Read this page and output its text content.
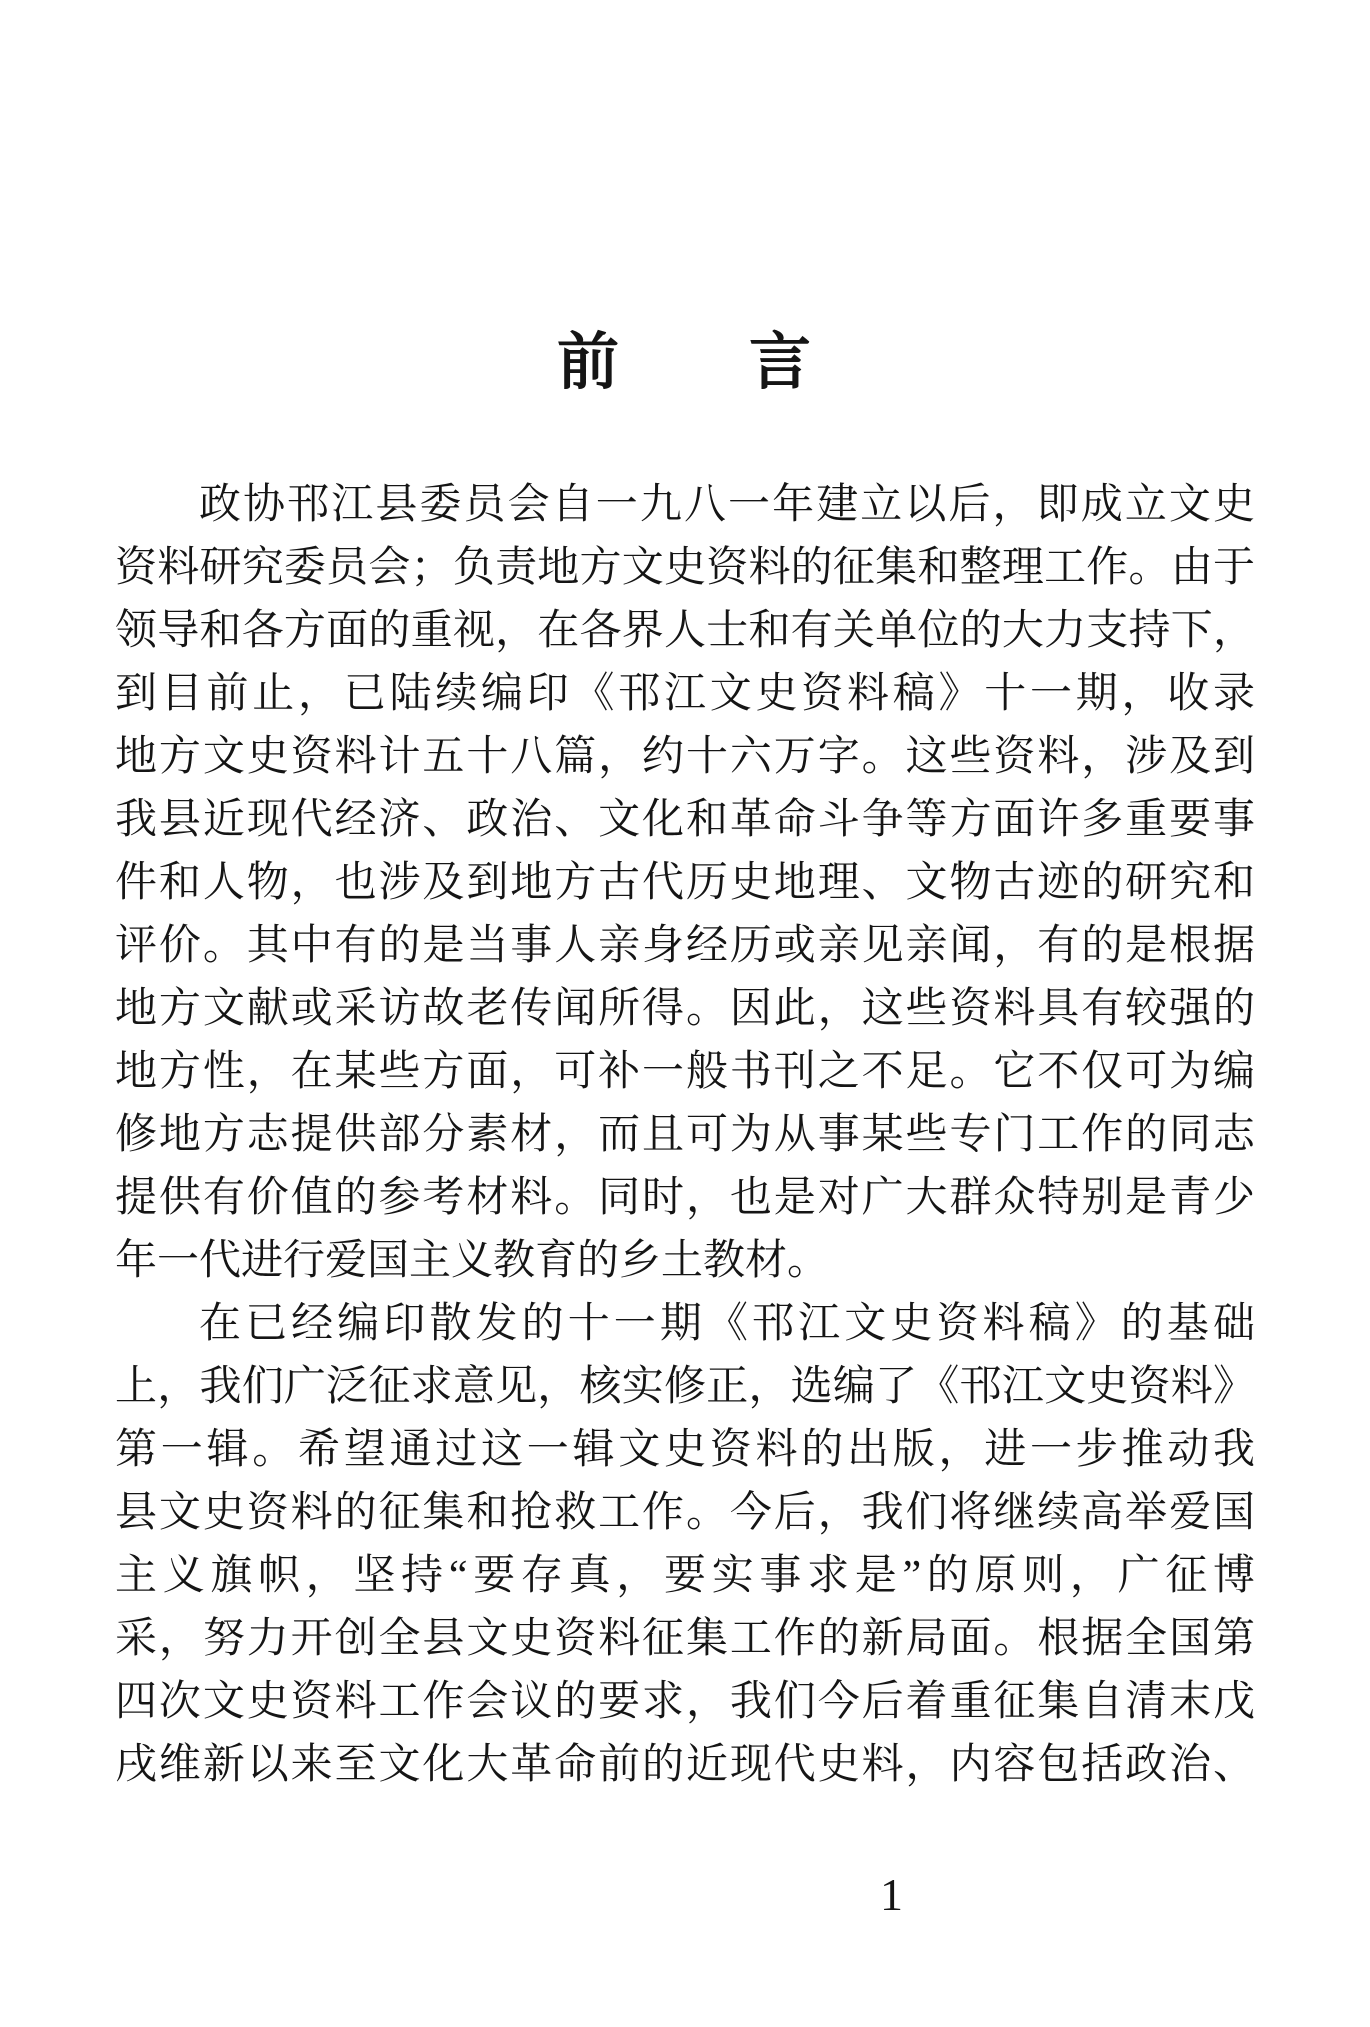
前　　言
政协邗江县委员会自一九八一年建立以后，即成立文史
资料研究委员会；负责地方文史资料的征集和整理工作。由于
领导和各方面的重视，在各界人士和有关单位的大力支持下，
到目前止，已陆续编印《邗江文史资料稿》十一期，收录
地方文史资料计五十八篇，约十六万字。这些资料，涉及到
我县近现代经济、政治、文化和革命斗争等方面许多重要事
件和人物，也涉及到地方古代历史地理、文物古迹的研究和
评价。其中有的是当事人亲身经历或亲见亲闻，有的是根据
地方文献或采访故老传闻所得。因此，这些资料具有较强的
地方性，在某些方面，可补一般书刊之不足。它不仅可为编
修地方志提供部分素材，而且可为从事某些专门工作的同志
提供有价值的参考材料。同时，也是对广大群众特别是青少
年一代进行爱国主义教育的乡土教材。
在已经编印散发的十一期《邗江文史资料稿》的基础
上，我们广泛征求意见，核实修正，选编了《邗江文史资料》
第一辑。希望通过这一辑文史资料的出版，进一步推动我
县文史资料的征集和抢救工作。今后，我们将继续高举爱国
主义旗帜，坚持“要存真，要实事求是”的原则，广征博
采，努力开创全县文史资料征集工作的新局面。根据全国第
四次文史资料工作会议的要求，我们今后着重征集自清末戊
戌维新以来至文化大革命前的近现代史料，内容包括政治、
1
